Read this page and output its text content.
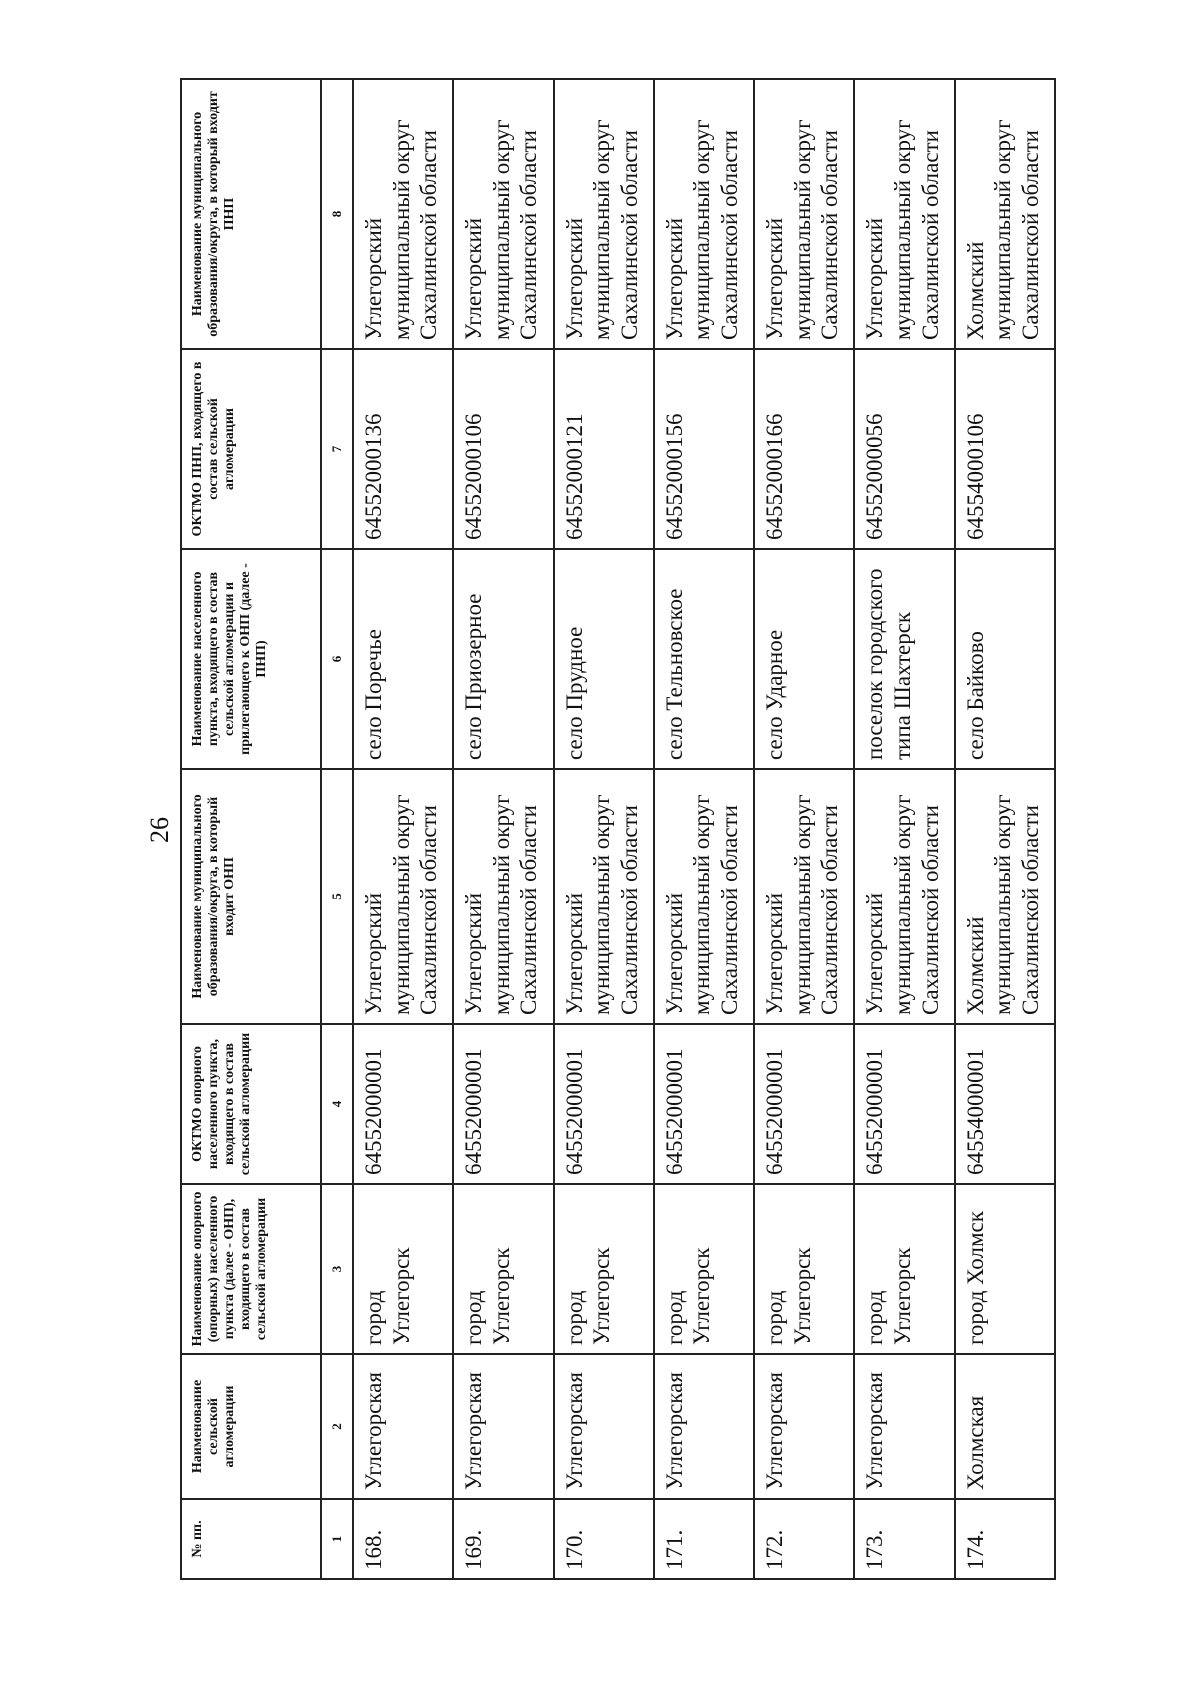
26
№ пп.	Наименование сельской агломерации	Наименование опорного (опорных) населенного пункта (далее - ОНП), входящего в состав сельской агломерации	ОКТМО опорного населенного пункта, входящего в состав сельской агломерации	Наименование муниципального образования/округа, в который входит ОНП	Наименование населенного пункта, входящего в состав сельской агломерации и прилегающего к ОНП (далее - ПНП)	ОКТМО ПНП, входящего в состав сельской агломерации	Наименование муниципального образования/округа, в который входит ПНП
1	2	3	4	5	6	7	8
168.	Углегорская	город Углегорск	64552000001	Углегорский муниципальный округ Сахалинской области	село Поречье	64552000136	Углегорский муниципальный округ Сахалинской области
169.	Углегорская	город Углегорск	64552000001	Углегорский муниципальный округ Сахалинской области	село Приозерное	64552000106	Углегорский муниципальный округ Сахалинской области
170.	Углегорская	город Углегорск	64552000001	Углегорский муниципальный округ Сахалинской области	село Прудное	64552000121	Углегорский муниципальный округ Сахалинской области
171.	Углегорская	город Углегорск	64552000001	Углегорский муниципальный округ Сахалинской области	село Тельновское	64552000156	Углегорский муниципальный округ Сахалинской области
172.	Углегорская	город Углегорск	64552000001	Углегорский муниципальный округ Сахалинской области	село Ударное	64552000166	Углегорский муниципальный округ Сахалинской области
173.	Углегорская	город Углегорск	64552000001	Углегорский муниципальный округ Сахалинской области	поселок городского типа Шахтерск	64552000056	Углегорский муниципальный округ Сахалинской области
174.	Холмская	город Холмск	64554000001	Холмский муниципальный округ Сахалинской области	село Байково	64554000106	Холмский муниципальный округ Сахалинской области
